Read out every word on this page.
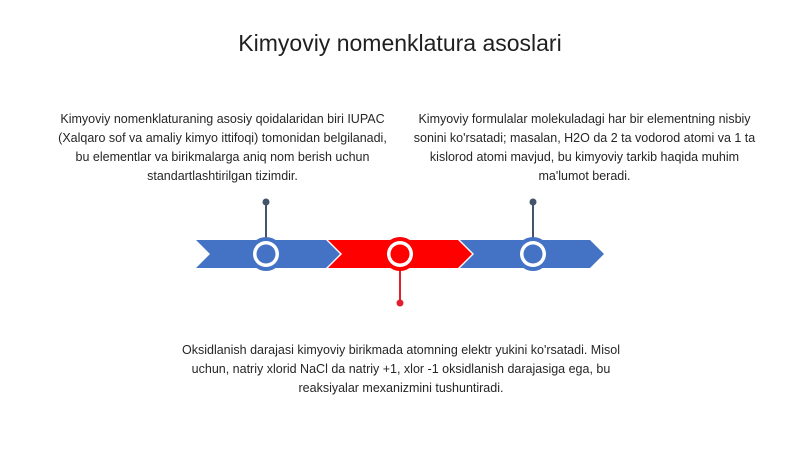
Kimyoviy nomenklatura asoslari
Kimyoviy nomenklaturaning asosiy qoidalaridan biri IUPAC (Xalqaro sof va amaliy kimyo ittifoqi) tomonidan belgilanadi, bu elementlar va birikmalarga aniq nom berish uchun standartlashtirilgan tizimdir.
Kimyoviy formulalar molekuladagi har bir elementning nisbiy sonini ko'rsatadi; masalan, H2O da 2 ta vodorod atomi va 1 ta kislorod atomi mavjud, bu kimyoviy tarkib haqida muhim ma'lumot beradi.
Oksidlanish darajasi kimyoviy birikmada atomning elektr yukini ko'rsatadi. Misol uchun, natriy xlorid NaCl da natriy +1, xlor -1 oksidlanish darajasiga ega, bu reaksiyalar mexanizmini tushuntiradi.
